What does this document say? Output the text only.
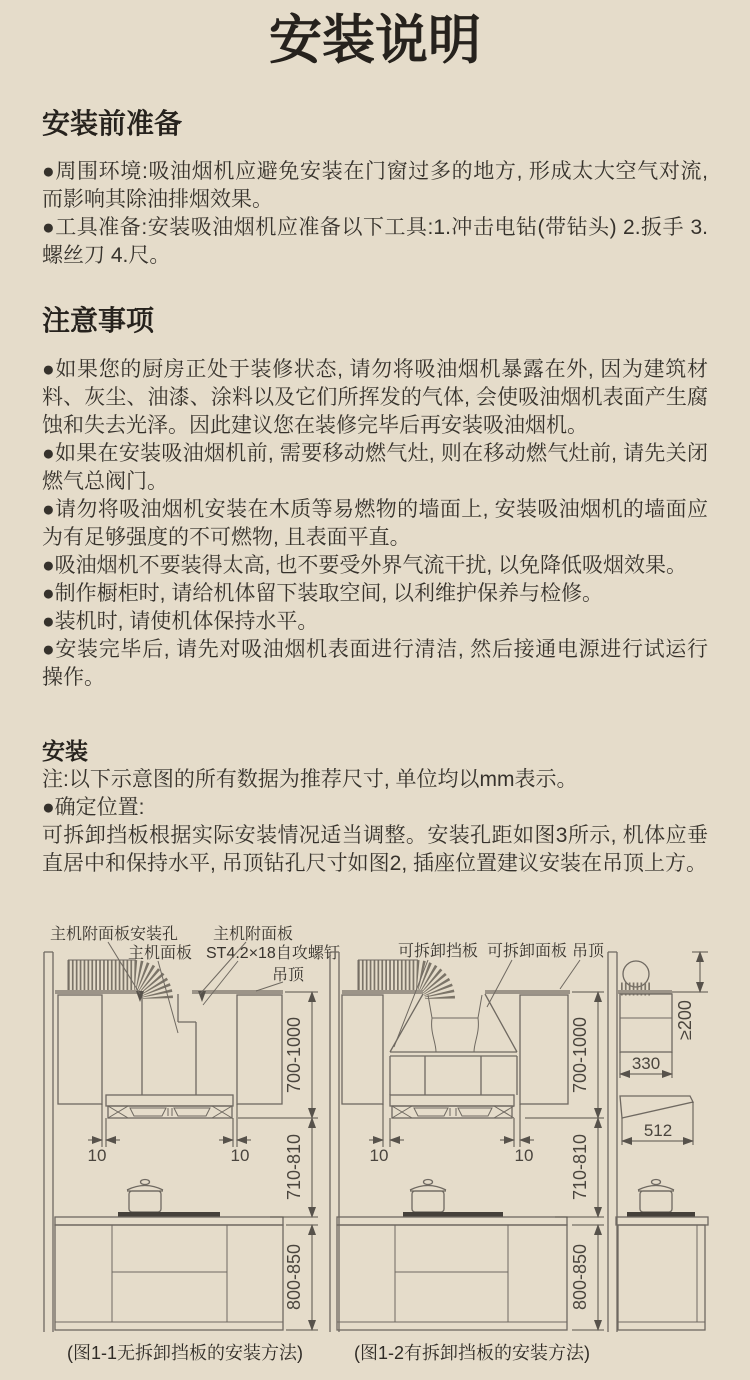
安装说明
安装前准备

●周围环境:吸油烟机应避免安装在门窗过多的地方, 形成太大空气对流, 而影响其除油排烟效果。

●工具准备:安装吸油烟机应准备以下工具:1.冲击电钻(带钻头) 2.扳手 3.螺丝刀 4.尺。

注意事项

●如果您的厨房正处于装修状态, 请勿将吸油烟机暴露在外, 因为建筑材料、灰尘、油漆、涂料以及它们所挥发的气体, 会使吸油烟机表面产生腐蚀和失去光泽。因此建议您在装修完毕后再安装吸油烟机。

●如果在安装吸油烟机前, 需要移动燃气灶, 则在移动燃气灶前, 请先关闭燃气总阀门。

●请勿将吸油烟机安装在木质等易燃物的墙面上, 安装吸油烟机的墙面应为有足够强度的不可燃物, 且表面平直。

●吸油烟机不要装得太高, 也不要受外界气流干扰, 以免降低吸烟效果。

●制作橱柜时, 请给机体留下装取空间, 以利维护保养与检修。

●装机时, 请使机体保持水平。

●安装完毕后, 请先对吸油烟机表面进行清洁, 然后接通电源进行试运行操作。

安装

注:以下示意图的所有数据为推荐尺寸, 单位均以mm表示。

●确定位置:

可拆卸挡板根据实际安装情况适当调整。安装孔距如图3所示, 机体应垂直居中和保持水平, 吊顶钻孔尺寸如图2, 插座位置建议安装在吊顶上方。

10	10
700-1000
710-810
800-850
主机附面板安装孔
主机面板
主机附面板
ST4.2×18自攻螺钉
吊顶
(图1-1无拆卸挡板的安装方法)
10	10
700-1000
710-810
800-850
可拆卸挡板 可拆卸面板 吊顶
(图1-2有拆卸挡板的安装方法)
≥200
330
512
